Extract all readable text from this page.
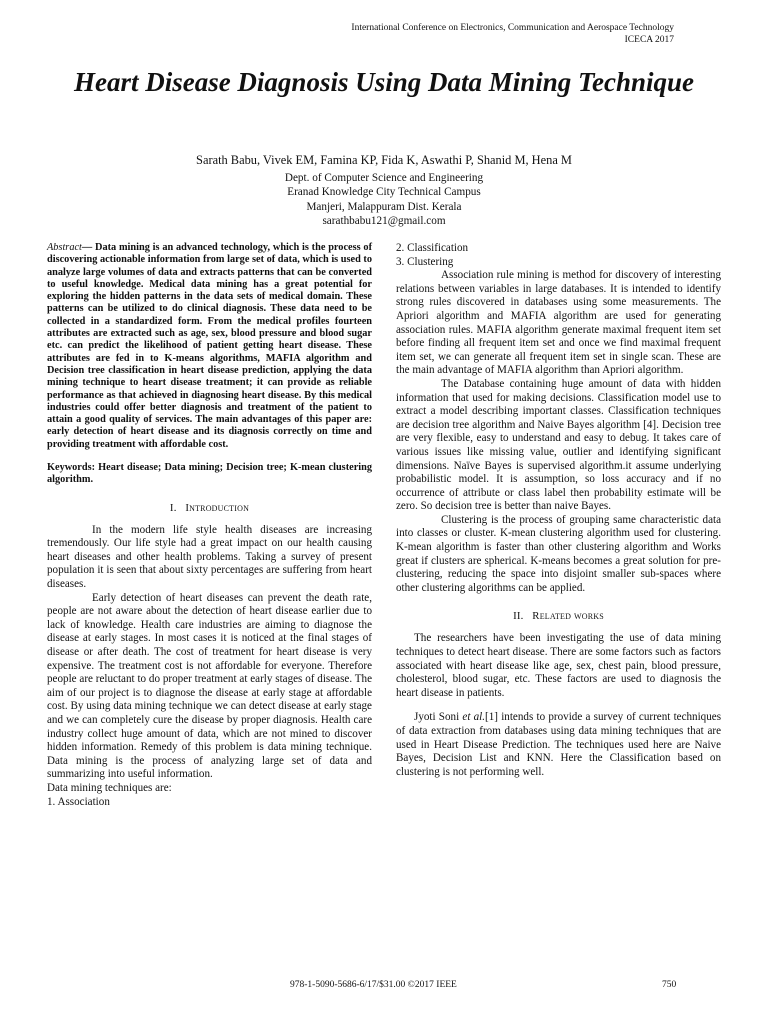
International Conference on Electronics, Communication and Aerospace Technology
ICECA 2017
Heart Disease Diagnosis Using Data Mining Technique
Sarath Babu, Vivek EM, Famina KP, Fida K, Aswathi P, Shanid M, Hena M
Dept. of Computer Science and Engineering
Eranad Knowledge City Technical Campus
Manjeri, Malappuram Dist. Kerala
sarathbabu121@gmail.com

Abstract— Data mining is an advanced technology, which is the process of discovering actionable information from large set of data, which is used to analyze large volumes of data and extracts patterns that can be converted to useful knowledge. Medical data mining has a great potential for exploring the hidden patterns in the data sets of medical domain. These patterns can be utilized to do clinical diagnosis. These data need to be collected in a standardized form. From the medical profiles fourteen attributes are extracted such as age, sex, blood pressure and blood sugar etc. can predict the likelihood of patient getting heart disease. These attributes are fed in to K-means algorithms, MAFIA algorithm and Decision tree classification in heart disease prediction, applying the data mining technique to heart disease treatment; it can provide as reliable performance as that achieved in diagnosing heart disease. By this medical industries could offer better diagnosis and treatment of the patient to attain a good quality of services. The main advantages of this paper are: early detection of heart disease and its diagnosis correctly on time and providing treatment with affordable cost.

Keywords: Heart disease; Data mining; Decision tree; K-mean clustering algorithm.

I. Introduction

In the modern life style health diseases are increasing tremendously. Our life style had a great impact on our health causing heart diseases and other health problems. Taking a survey of present population it is seen that about sixty percentages are suffering from heart diseases.

Early detection of heart diseases can prevent the death rate, people are not aware about the detection of heart disease earlier due to lack of knowledge. Health care industries are aiming to diagnose the disease at early stages. In most cases it is noticed at the final stages of disease or after death. The cost of treatment for heart disease is very expensive. The treatment cost is not affordable for everyone. Therefore people are reluctant to do proper treatment at early stages of disease. The aim of our project is to diagnose the disease at early stage at affordable cost. By using data mining technique we can detect disease at early stage and we can completely cure the disease by proper diagnosis. Health care industry collect huge amount of data, which are not mined to discover hidden information. Remedy of this problem is data mining technique. Data mining is the process of analyzing large set of data and summarizing into useful information.

Data mining techniques are:

1. Association

2. Classification

3. Clustering

Association rule mining is method for discovery of interesting relations between variables in large databases. It is intended to identify strong rules discovered in databases using some measurements. The Apriori algorithm and MAFIA algorithm are used for generating association rules. MAFIA algorithm generate maximal frequent item set before finding all frequent item set and once we find maximal frequent item set, we can generate all frequent item set in single scan. These are the main advantage of MAFIA algorithm than Apriori algorithm.

The Database containing huge amount of data with hidden information that used for making decisions. Classification model use to extract a model describing important classes. Classification techniques are decision tree algorithm and Naive Bayes algorithm [4]. Decision tree are very flexible, easy to understand and easy to debug. It takes care of various issues like missing value, outlier and identifying significant dimensions. Naïve Bayes is supervised algorithm.it assume underlying probabilistic model. It is assumption, so loss accuracy and if no occurrence of attribute or class label then probability estimate will be zero. So decision tree is better than naive Bayes.

Clustering is the process of grouping same characteristic data into classes or cluster. K-mean clustering algorithm used for clustering. K-mean algorithm is faster than other clustering algorithm and Works great if clusters are spherical. K-means becomes a great solution for pre-clustering, reducing the space into disjoint smaller sub-spaces where other clustering algorithms can be applied.

II. Related works

The researchers have been investigating the use of data mining techniques to detect heart disease. There are some factors such as factors associated with heart disease like age, sex, chest pain, blood pressure, cholesterol, blood sugar, etc. These factors are used to diagnosis the heart disease in patients.

Jyoti Soni et al.[1] intends to provide a survey of current techniques of data extraction from databases using data mining techniques that are used in Heart Disease Prediction. The techniques used here are Naive Bayes, Decision List and KNN. Here the Classification based on clustering is not performing well.

978-1-5090-5686-6/17/$31.00 ©2017 IEEE	750
